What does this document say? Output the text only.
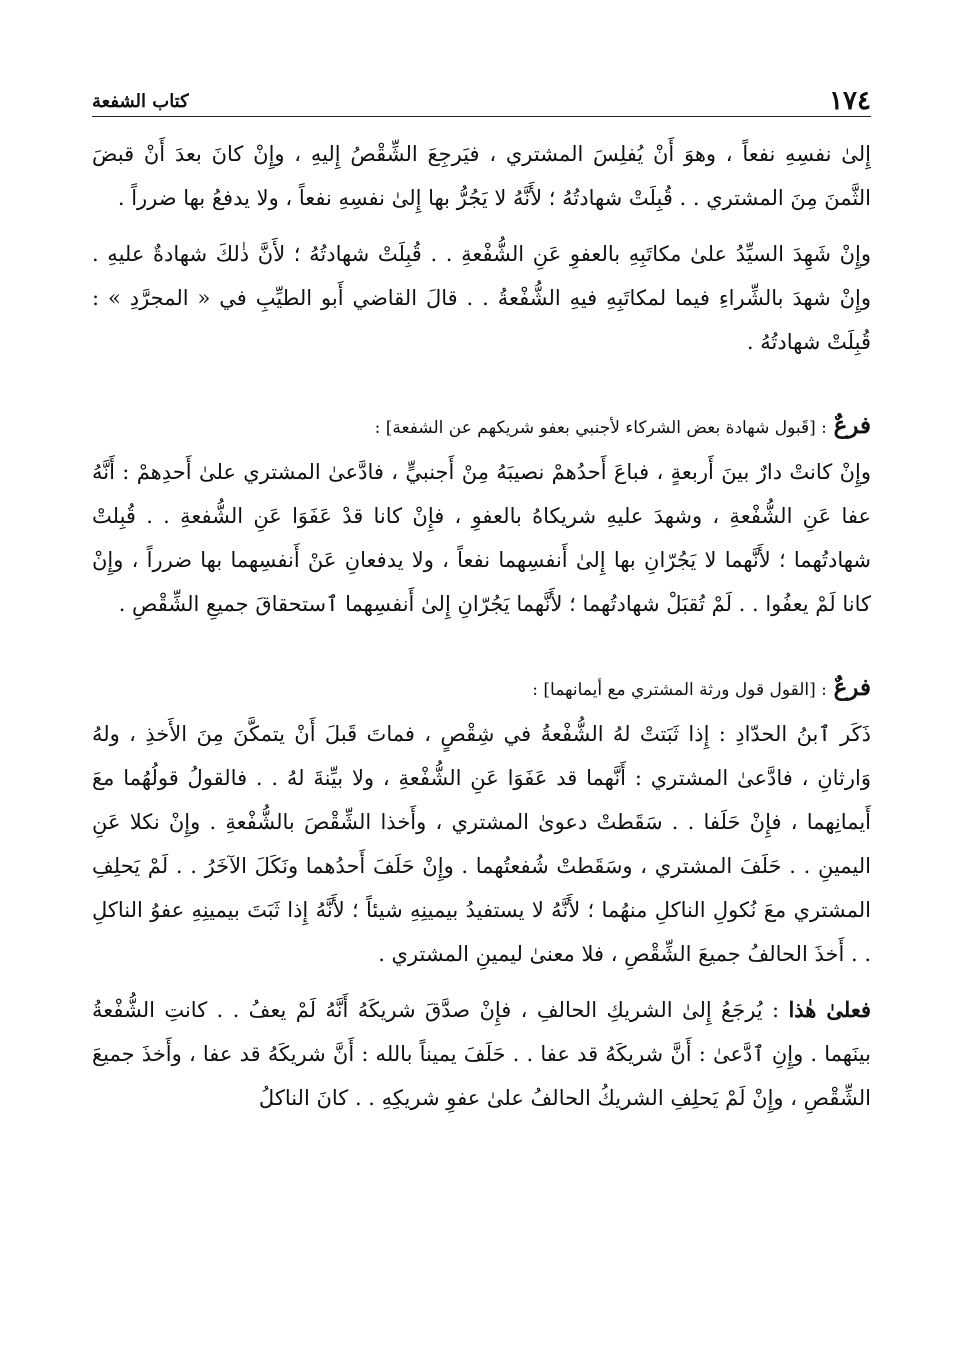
كتاب الشفعة	١٧٤

إِلىٰ نفسِهِ نفعاً ، وهوَ أَنْ يُفلِسَ المشتري ، فيَرجِعَ الشِّقْصُ إِليهِ ، وإِنْ كانَ بعدَ أَنْ قبضَ الثَّمنَ مِنَ المشتري . . قُبِلَتْ شهادتُهُ ؛ لأَنَّهُ لا يَجُرُّ بها إِلىٰ نفسِهِ نفعاً ، ولا يدفعُ بها ضرراً .

وإِنْ شَهِدَ السيِّدُ علىٰ مكاتَبِهِ بالعفوِ عَنِ الشُّفْعةِ . . قُبِلَتْ شهادتُهُ ؛ لأَنَّ ذٰلكَ شهادةٌ عليهِ . وإِنْ شهدَ بالشِّراءِ فيما لمكاتَبِهِ فيهِ الشُّفْعةُ . . قالَ القاضي أَبو الطيِّبِ في « المجرَّدِ » : قُبِلَتْ شهادتُهُ .

فرعٌ : [قَبول شهادة بعض الشركاء لأجنبي بعفو شريكهم عن الشفعة] :

وإِنْ كانتْ دارٌ بينَ أَربعةٍ ، فباعَ أَحدُهمْ نصيبَهُ مِنْ أَجنبيٍّ ، فادَّعىٰ المشتري علىٰ أَحدِهمْ : أَنَّهُ عفا عَنِ الشُّفْعةِ ، وشهدَ عليهِ شريكاهُ بالعفوِ ، فإِنْ كانا قدْ عَفَوَا عَنِ الشُّفعةِ . . قُبِلتْ شهادتُهما ؛ لأَنَّهما لا يَجُرّانِ بها إِلىٰ أَنفسِهما نفعاً ، ولا يدفعانِ عَنْ أَنفسِهما بها ضرراً ، وإِنْ كانا لَمْ يعفُوا . . لَمْ تُقبَلْ شهادتُهما ؛ لأَنَّهما يَجُرّانِ إِلىٰ أَنفسِهما ٱستحقاقَ جميعِ الشِّقْصِ .

فرعٌ : [القول قول ورثة المشتري مع أيمانهما] :

ذَكَر ٱبنُ الحدّادِ : إِذا ثَبَتتْ لهُ الشُّفْعةُ في شِقْصٍ ، فماتَ قَبلَ أَنْ يتمكَّنَ مِنَ الأَخذِ ، ولهُ وَارثانِ ، فادَّعىٰ المشتري : أَنَّهما قد عَفَوَا عَنِ الشُّفْعةِ ، ولا بيِّنةَ لهُ . . فالقولُ قولُهُما معَ أَيمانِهما ، فإِنْ حَلَفا . . سَقَطتْ دعوىٰ المشتري ، وأَخذا الشِّقْصَ بالشُّفْعةِ . وإِنْ نكلا عَنِ اليمينِ . . حَلَفَ المشتري ، وسَقَطتْ شُفعتُهما . وإِنْ حَلَفَ أَحدُهما ونَكَلَ الآخَرُ . . لَمْ يَحلِفِ المشتري معَ نُكولِ الناكلِ منهُما ؛ لأَنَّهُ لا يستفيدُ بيمينِهِ شيئاً ؛ لأَنَّهُ إِذا ثَبَتَ بيمينِهِ عفوُ الناكلِ . . أَخذَ الحالفُ جميعَ الشِّقْصِ ، فلا معنىٰ ليمينِ المشتري .

فعلىٰ هٰذا : يُرجَعُ إِلىٰ الشريكِ الحالفِ ، فإِنْ صدَّقَ شريكَهُ أَنَّهُ لَمْ يعفُ . . كانتِ الشُّفْعةُ بينَهما . وإِنِ ٱدَّعىٰ : أَنَّ شريكَهُ قد عفا . . حَلَفَ يميناً بالله : أَنَّ شريكَهُ قد عفا ، وأَخذَ جميعَ الشِّقْصِ ، وإِنْ لَمْ يَحلِفِ الشريكُ الحالفُ علىٰ عفوِ شريكِهِ . . كانَ الناكلُ
